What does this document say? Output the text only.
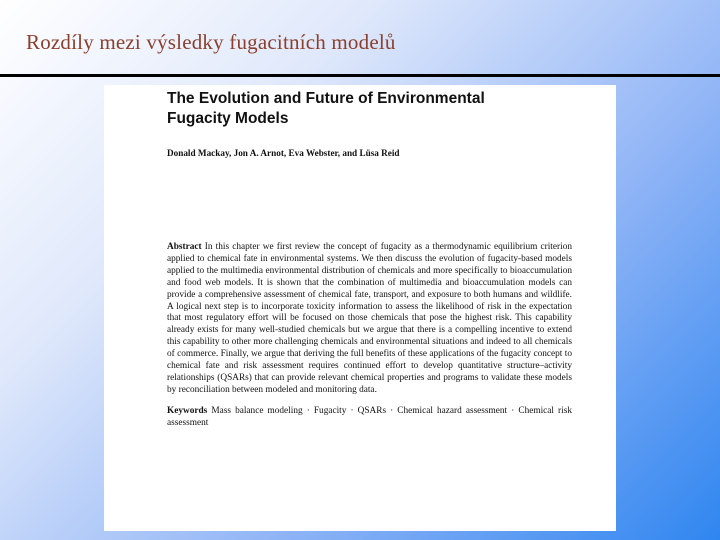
Rozdíly mezi výsledky fugacitních modelů
The Evolution and Future of Environmental
Fugacity Models
Donald Mackay, Jon A. Arnot, Eva Webster, and Lüsa Reid
Abstract In this chapter we first review the concept of fugacity as a thermodynamic equilibrium criterion applied to chemical fate in environmental systems. We then discuss the evolution of fugacity-based models applied to the multimedia environmental distribution of chemicals and more specifically to bioaccumulation and food web models. It is shown that the combination of multimedia and bioaccumulation models can provide a comprehensive assessment of chemical fate, transport, and exposure to both humans and wildlife. A logical next step is to incorporate toxicity information to assess the likelihood of risk in the expectation that most regulatory effort will be focused on those chemicals that pose the highest risk. This capability already exists for many well-studied chemicals but we argue that there is a compelling incentive to extend this capability to other more challenging chemicals and environmental situations and indeed to all chemicals of commerce. Finally, we argue that deriving the full benefits of these applications of the fugacity concept to chemical fate and risk assessment requires continued effort to develop quantitative structure–activity relationships (QSARs) that can provide relevant chemical properties and programs to validate these models by reconciliation between modeled and monitoring data.
Keywords Mass balance modeling · Fugacity · QSARs · Chemical hazard assessment · Chemical risk assessment
